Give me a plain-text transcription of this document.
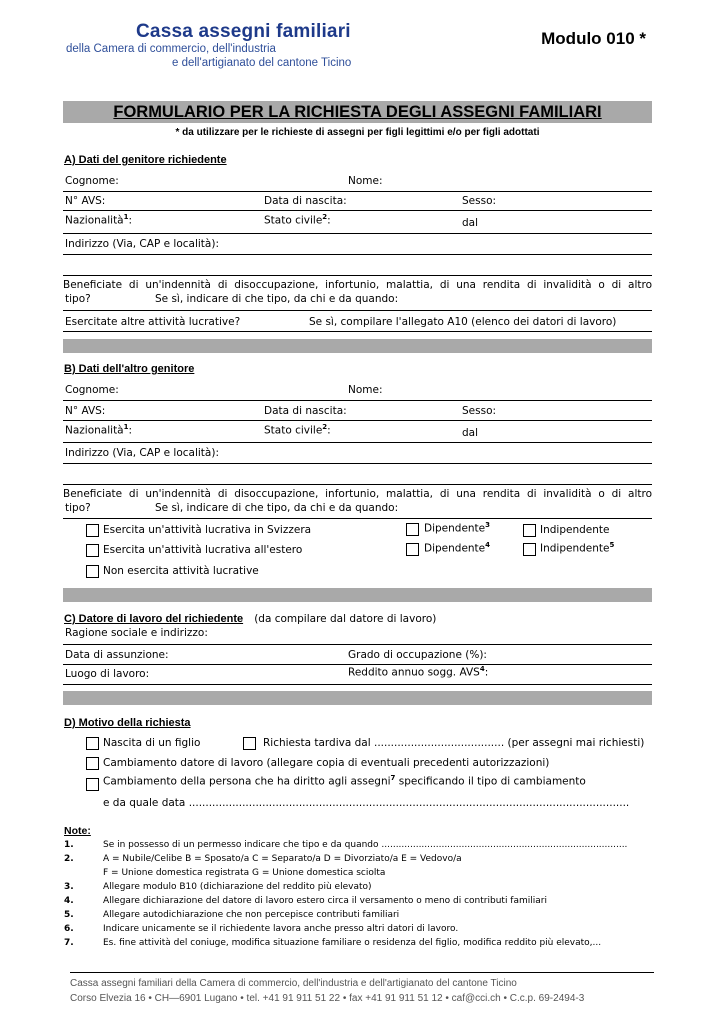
Cassa assegni familiari
della Camera di commercio, dell'industria
e dell'artigianato del cantone Ticino
Modulo 010 *
FORMULARIO PER LA RICHIESTA DEGLI ASSEGNI FAMILIARI
* da utilizzare per le richieste di assegni per figli legittimi e/o per figli adottati
A) Dati del genitore richiedente
Cognome:	Nome:
N° AVS:	Data di nascita:	Sesso:
Nazionalità$^1$:	Stato civile$^2$:	dal
Indirizzo (Via, CAP e località):
Beneficiate di un'indennità di disoccupazione, infortunio, malattia, di una rendita di invalidità o di altro
tipo?	Se sì, indicare di che tipo, da chi e da quando:
Esercitate altre attività lucrative?	Se sì, compilare l'allegato A10 (elenco dei datori di lavoro)
B) Dati dell'altro genitore
Cognome:	Nome:
N° AVS:	Data di nascita:	Sesso:
Nazionalità$^1$:	Stato civile$^2$:	dal
Indirizzo (Via, CAP e località):
Beneficiate di un'indennità di disoccupazione, infortunio, malattia, di una rendita di invalidità o di altro
tipo?	Se sì, indicare di che tipo, da chi e da quando:
Esercita un'attività lucrativa in Svizzera	Dipendente$^3$	Indipendente
Esercita un'attività lucrativa all'estero	Dipendente$^4$	Indipendente$^5$
Non esercita attività lucrative
C) Datore di lavoro del richiedente (da compilare dal datore di lavoro)
Ragione sociale e indirizzo:
Data di assunzione:	Grado di occupazione (%):
Luogo di lavoro:	Reddito annuo sogg. AVS$^4$:
D) Motivo della richiesta
Nascita di un figlio	Richiesta tardiva dal ....................................... (per assegni mai richiesti)
Cambiamento datore di lavoro (allegare copia di eventuali precedenti autorizzazioni)
Cambiamento della persona che ha diritto agli assegni$^7$ specificando il tipo di cambiamento
e da quale data ....................................................................................................................................
Note:
1.	Se in possesso di un permesso indicare che tipo e da quando ......................................................................................
2.	A = Nubile/Celibe B = Sposato/a C = Separato/a D = Divorziato/a E = Vedovo/a
F = Unione domestica registrata G = Unione domestica sciolta
3.	Allegare modulo B10 (dichiarazione del reddito più elevato)
4.	Allegare dichiarazione del datore di lavoro estero circa il versamento o meno di contributi familiari
5.	Allegare autodichiarazione che non percepisce contributi familiari
6.	Indicare unicamente se il richiedente lavora anche presso altri datori di lavoro.
7.	Es. fine attività del coniuge, modifica situazione familiare o residenza del figlio, modifica reddito più elevato,...
Cassa assegni familiari della Camera di commercio, dell'industria e dell'artigianato del cantone Ticino
Corso Elvezia 16 • CH—6901 Lugano • tel. +41 91 911 51 22 • fax +41 91 911 51 12 • caf@cci.ch • C.c.p. 69-2494-3
